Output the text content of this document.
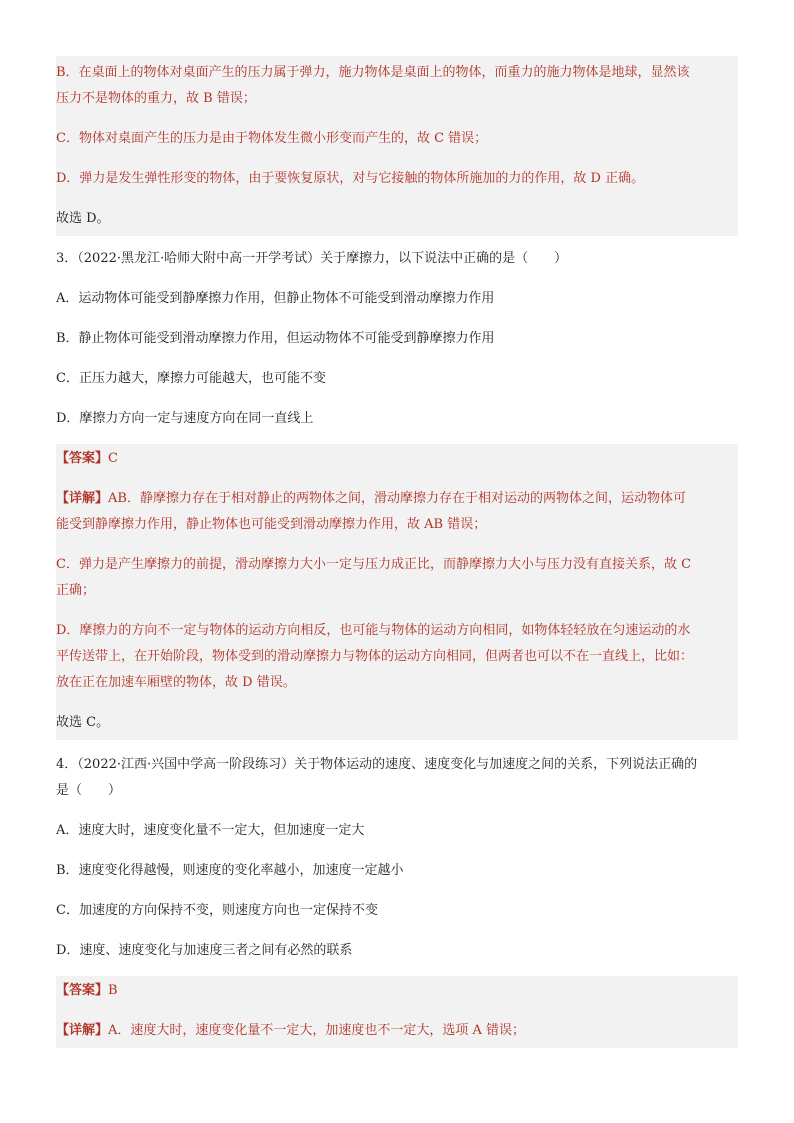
B．在桌面上的物体对桌面产生的压力属于弹力，施力物体是桌面上的物体，而重力的施力物体是地球，显然该
压力不是物体的重力，故 B 错误；
C．物体对桌面产生的压力是由于物体发生微小形变而产生的，故 C 错误；
D．弹力是发生弹性形变的物体，由于要恢复原状，对与它接触的物体所施加的力的作用，故 D 正确。
故选 D。
3．（2022·黑龙江·哈师大附中高一开学考试）关于摩擦力，以下说法中正确的是（　　）
A．运动物体可能受到静摩擦力作用，但静止物体不可能受到滑动摩擦力作用
B．静止物体可能受到滑动摩擦力作用，但运动物体不可能受到静摩擦力作用
C．正压力越大，摩擦力可能越大，也可能不变
D．摩擦力方向一定与速度方向在同一直线上
【答案】C
【详解】AB．静摩擦力存在于相对静止的两物体之间，滑动摩擦力存在于相对运动的两物体之间，运动物体可
能受到静摩擦力作用，静止物体也可能受到滑动摩擦力作用，故 AB 错误；
C．弹力是产生摩擦力的前提，滑动摩擦力大小一定与压力成正比，而静摩擦力大小与压力没有直接关系，故 C
正确；
D．摩擦力的方向不一定与物体的运动方向相反，也可能与物体的运动方向相同，如物体轻轻放在匀速运动的水
平传送带上，在开始阶段，物体受到的滑动摩擦力与物体的运动方向相同，但两者也可以不在一直线上，比如：
放在正在加速车厢壁的物体，故 D 错误。
故选 C。
4．（2022·江西·兴国中学高一阶段练习）关于物体运动的速度、速度变化与加速度之间的关系，下列说法正确的
是（　　）
A．速度大时，速度变化量不一定大，但加速度一定大
B．速度变化得越慢，则速度的变化率越小，加速度一定越小
C．加速度的方向保持不变，则速度方向也一定保持不变
D．速度、速度变化与加速度三者之间有必然的联系
【答案】B
【详解】A．速度大时，速度变化量不一定大，加速度也不一定大，选项 A 错误；
